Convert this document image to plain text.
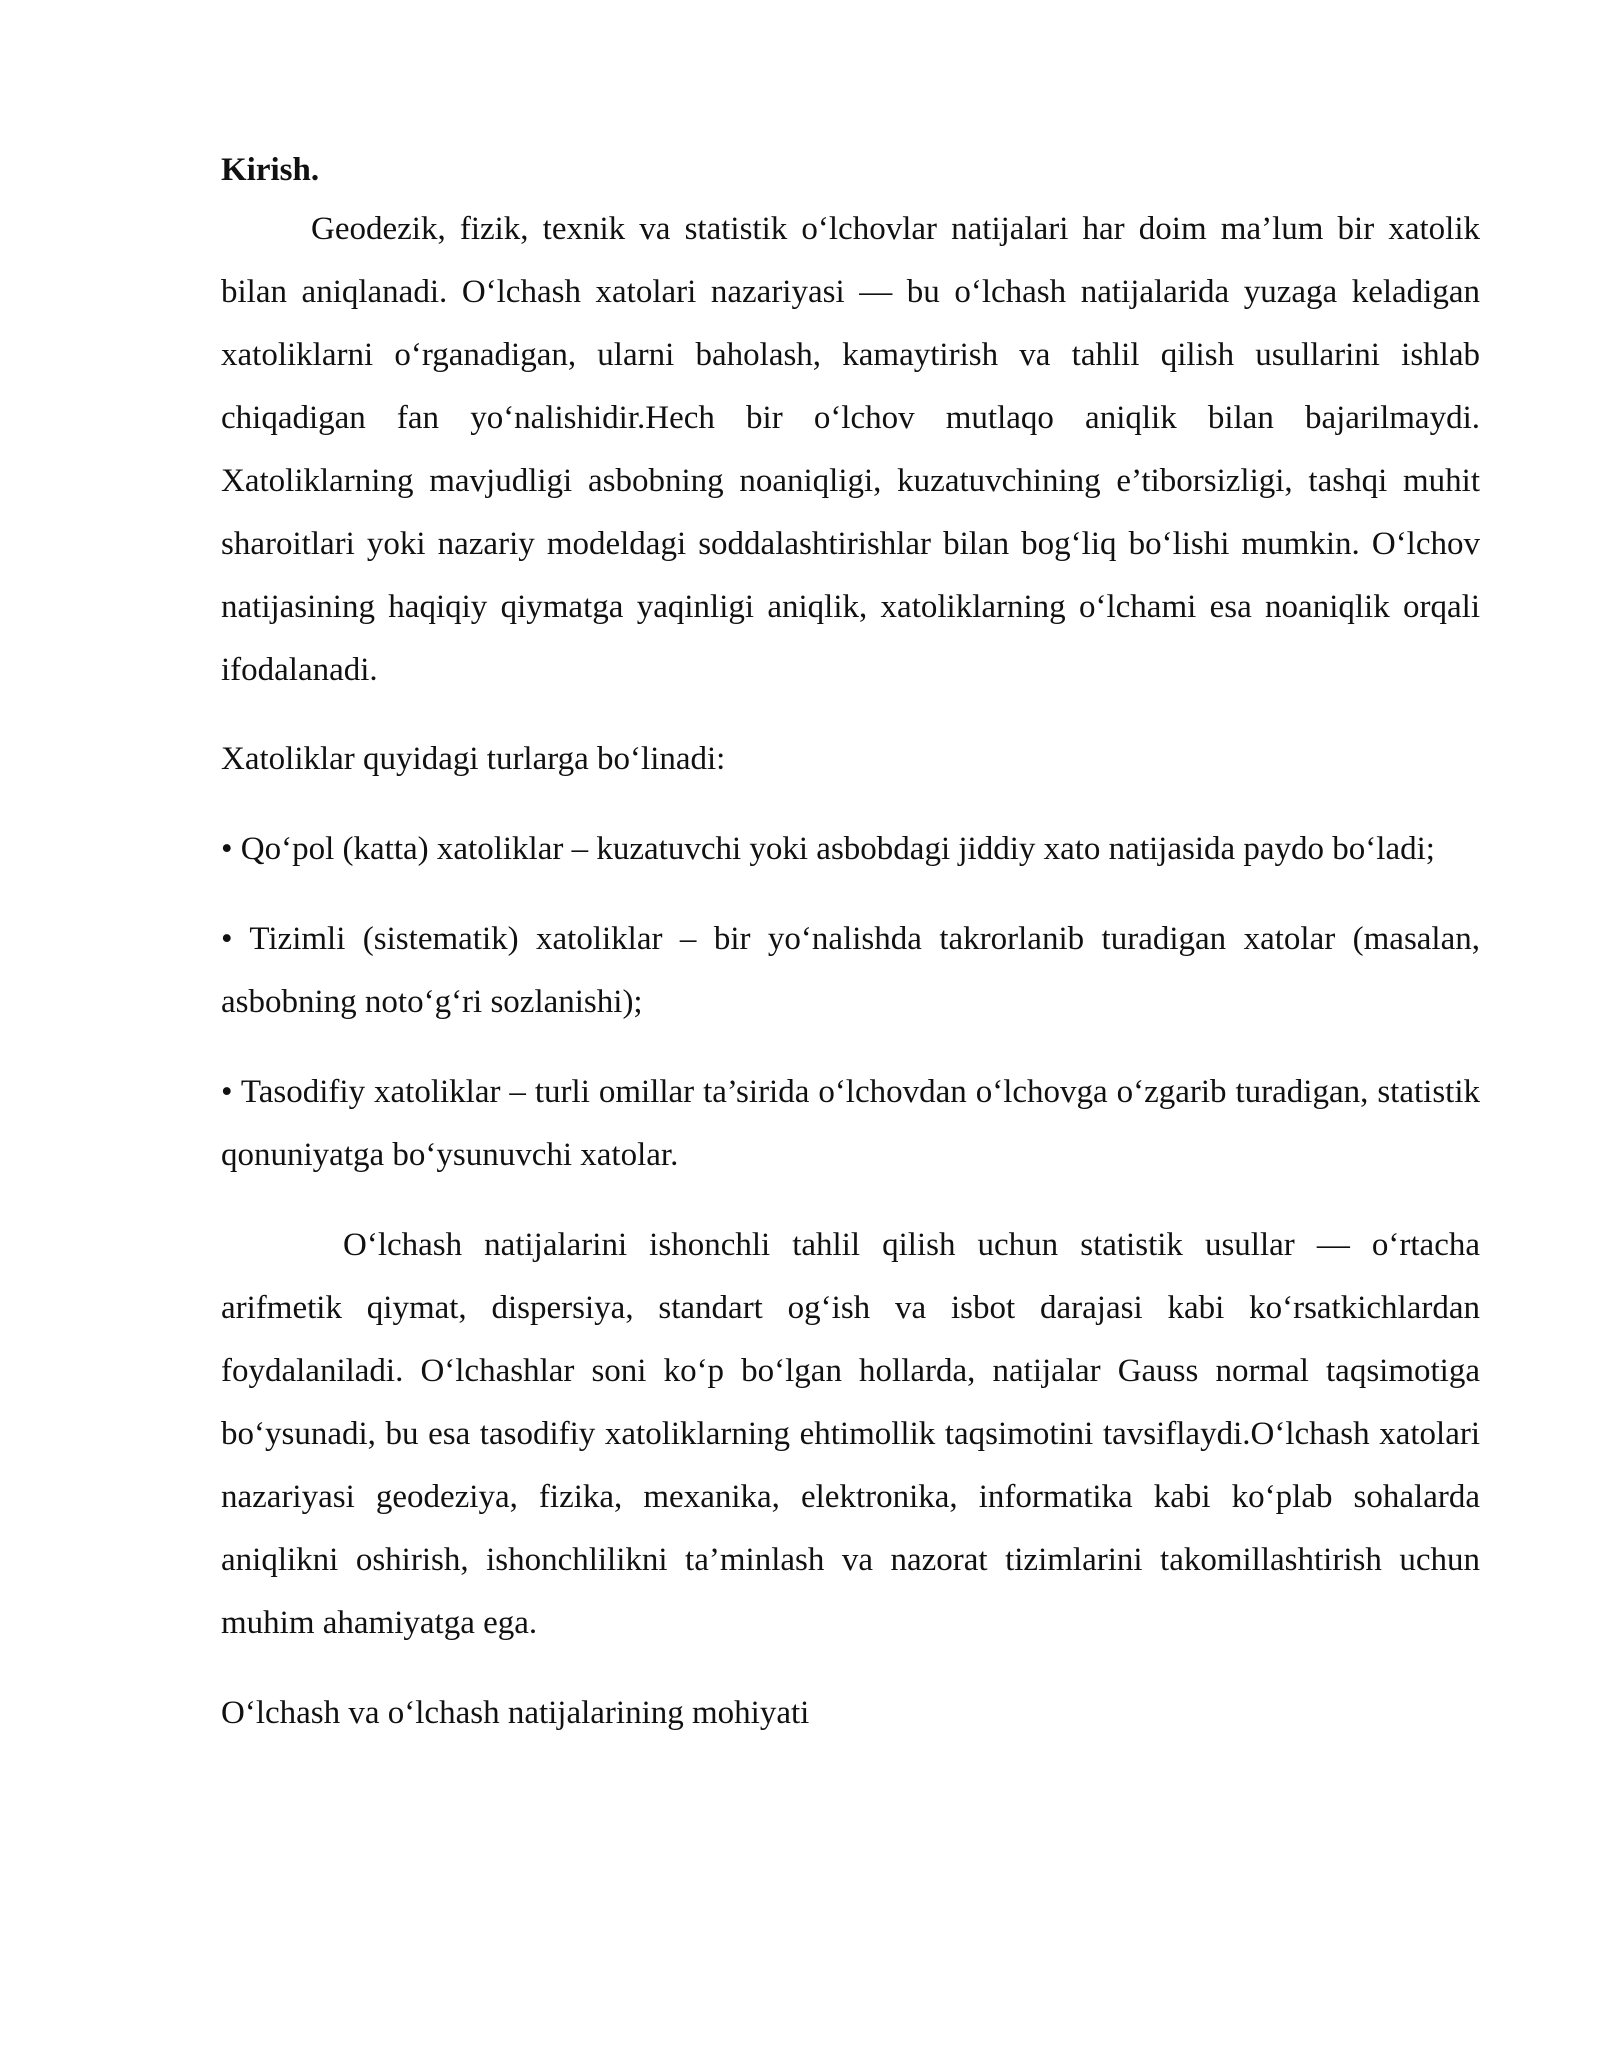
Kirish.

Geodezik, fizik, texnik va statistik o‘lchovlar natijalari har doim ma’lum bir xatolik bilan aniqlanadi. O‘lchash xatolari nazariyasi — bu o‘lchash natijalarida yuzaga keladigan xatoliklarni o‘rganadigan, ularni baholash, kamaytirish va tahlil qilish usullarini ishlab chiqadigan fan yo‘nalishidir.Hech bir o‘lchov mutlaqo aniqlik bilan bajarilmaydi. Xatoliklarning mavjudligi asbobning noaniqligi, kuzatuvchining e’tiborsizligi, tashqi muhit sharoitlari yoki nazariy modeldagi soddalashtirishlar bilan bog‘liq bo‘lishi mumkin. O‘lchov natijasining haqiqiy qiymatga yaqinligi aniqlik, xatoliklarning o‘lchami esa noaniqlik orqali ifodalanadi.

Xatoliklar quyidagi turlarga bo‘linadi:

• Qo‘pol (katta) xatoliklar – kuzatuvchi yoki asbobdagi jiddiy xato natijasida paydo bo‘ladi;

• Tizimli (sistematik) xatoliklar – bir yo‘nalishda takrorlanib turadigan xatolar (masalan, asbobning noto‘g‘ri sozlanishi);

• Tasodifiy xatoliklar – turli omillar ta’sirida o‘lchovdan o‘lchovga o‘zgarib turadigan, statistik qonuniyatga bo‘ysunuvchi xatolar.

O‘lchash natijalarini ishonchli tahlil qilish uchun statistik usullar — o‘rtacha arifmetik qiymat, dispersiya, standart og‘ish va isbot darajasi kabi ko‘rsatkichlardan foydalaniladi. O‘lchashlar soni ko‘p bo‘lgan hollarda, natijalar Gauss normal taqsimotiga bo‘ysunadi, bu esa tasodifiy xatoliklarning ehtimollik taqsimotini tavsiflaydi.O‘lchash xatolari nazariyasi geodeziya, fizika, mexanika, elektronika, informatika kabi ko‘plab sohalarda aniqlikni oshirish, ishonchlilikni ta’minlash va nazorat tizimlarini takomillashtirish uchun muhim ahamiyatga ega.

O‘lchash va o‘lchash natijalarining mohiyati
